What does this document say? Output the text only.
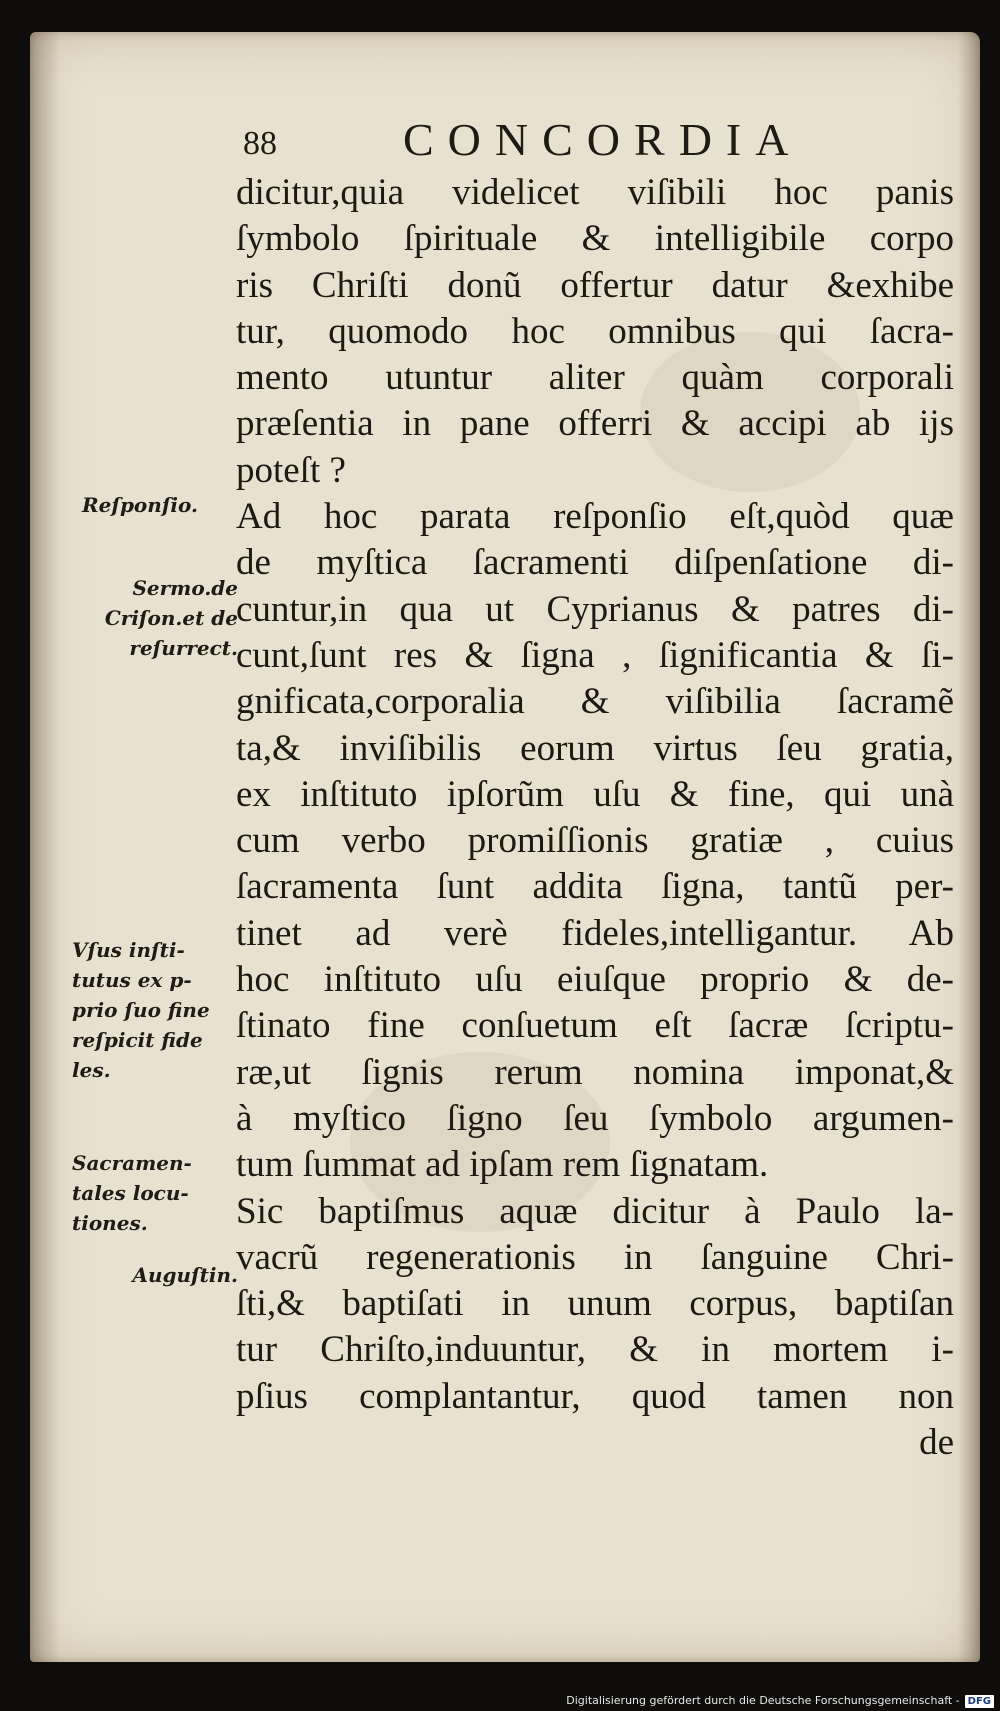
88	CONCORDIA
Reſponſio.
Sermo.de
Criſon.et de
reſurrect.
Vſus inſti-
tutus ex p-
prio ſuo fine
reſpicit fide
les.
Sacramen-
tales locu-
tiones.
Auguſtin.
dicitur,quia videlicet viſibili hoc panis
ſymbolo ſpirituale & intelligibile corpo
ris Chriſti donũ offertur datur &exhibe
tur, quomodo hoc omnibus qui ſacra-
mento utuntur aliter quàm corporali
præſentia in pane offerri & accipi ab ijs
poteſt ?
Ad hoc parata reſponſio eſt,quòd quæ
de myſtica ſacramenti diſpenſatione di-
cuntur,in qua ut Cyprianus & patres di-
cunt,ſunt res & ſigna , ſignificantia & ſi-
gnificata,corporalia & viſibilia ſacramẽ
ta,& inviſibilis eorum virtus ſeu gratia,
ex inſtituto ipſorũm uſu & fine, qui unà
cum verbo promiſſionis gratiæ , cuius
ſacramenta ſunt addita ſigna, tantũ per-
tinet ad verè fideles,intelligantur. Ab
hoc inſtituto uſu eiuſque proprio & de-
ſtinato fine conſuetum eſt ſacræ ſcriptu-
ræ,ut ſignis rerum nomina imponat,&
à myſtico ſigno ſeu ſymbolo argumen-
tum ſummat ad ipſam rem ſignatam.
Sic baptiſmus aquæ dicitur à Paulo la-
vacrũ regenerationis in ſanguine Chri-
ſti,& baptiſati in unum corpus, baptiſan
tur Chriſto,induuntur, & in mortem i-
pſius complantantur, quod tamen non
de
Digitalisierung gefördert durch die Deutsche Forschungsgemeinschaft - DFG
